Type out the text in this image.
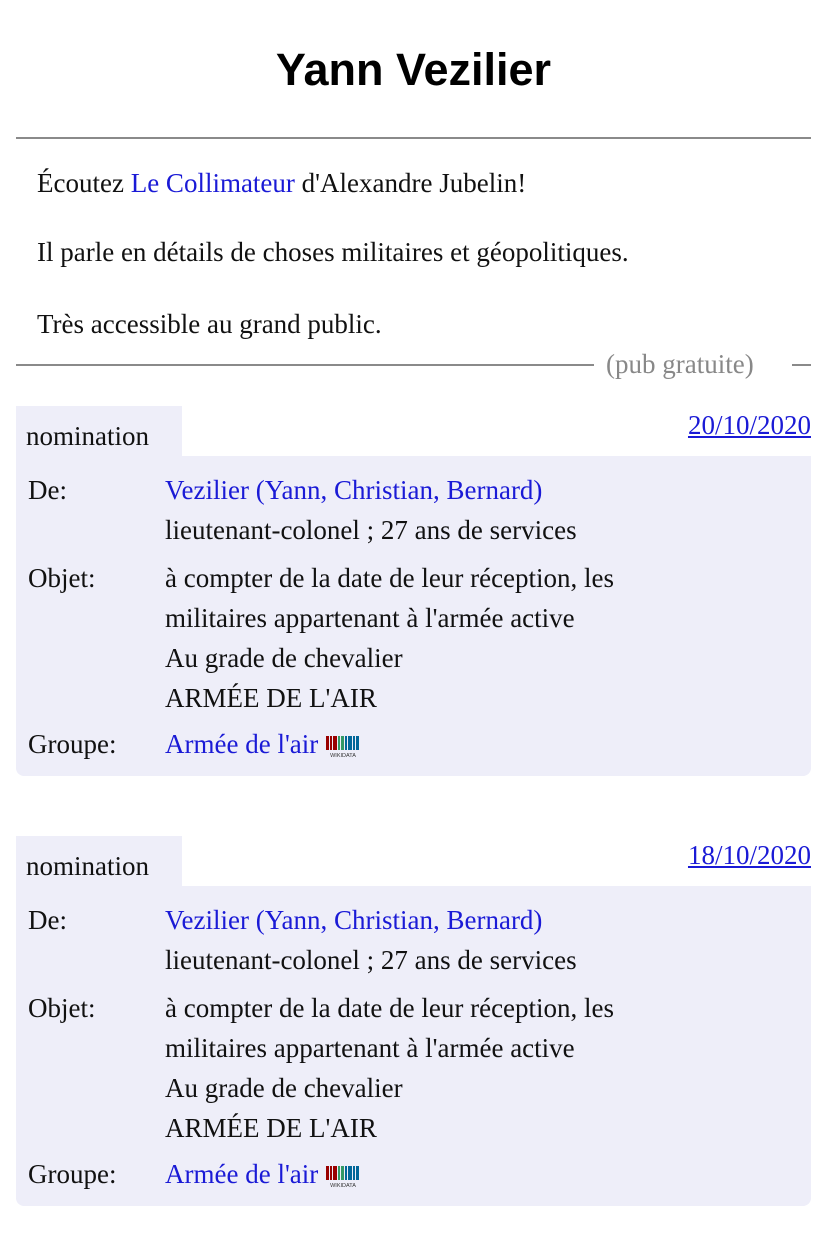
Yann Vezilier
Écoutez Le Collimateur d'Alexandre Jubelin!
Il parle en détails de choses militaires et géopolitiques.
Très accessible au grand public.
(pub gratuite)
nomination	20/10/2020
De:	Vezilier (Yann, Christian, Bernard)
lieutenant-colonel ; 27 ans de services
Objet:	à compter de la date de leur réception, les
militaires appartenant à l'armée active
Au grade de chevalier
ARMÉE DE L'AIR
Groupe: Armée de l'air WIKIDATA
nomination	18/10/2020
De:	Vezilier (Yann, Christian, Bernard)
lieutenant-colonel ; 27 ans de services
Objet:	à compter de la date de leur réception, les
militaires appartenant à l'armée active
Au grade de chevalier
ARMÉE DE L'AIR
Groupe: Armée de l'air WIKIDATA
